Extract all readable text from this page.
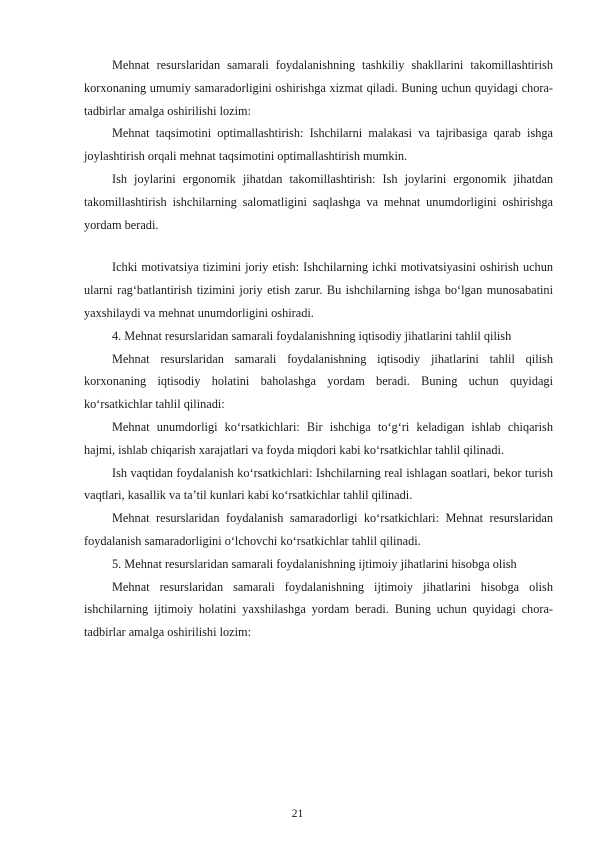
Mehnat resurslaridan samarali foydalanishning tashkiliy shakllarini takomillashtirish korxonaning umumiy samaradorligini oshirishga xizmat qiladi. Buning uchun quyidagi chora-tadbirlar amalga oshirilishi lozim:

Mehnat taqsimotini optimallashtirish: Ishchilarni malakasi va tajribasiga qarab ishga joylashtirish orqali mehnat taqsimotini optimallashtirish mumkin.

Ish joylarini ergonomik jihatdan takomillashtirish: Ish joylarini ergonomik jihatdan takomillashtirish ishchilarning salomatligini saqlashga va mehnat unumdorligini oshirishga yordam beradi.

Ichki motivatsiya tizimini joriy etish: Ishchilarning ichki motivatsiyasini oshirish uchun ularni rag‘batlantirish tizimini joriy etish zarur. Bu ishchilarning ishga bo‘lgan munosabatini yaxshilaydi va mehnat unumdorligini oshiradi.

4. Mehnat resurslaridan samarali foydalanishning iqtisodiy jihatlarini tahlil qilish

Mehnat resurslaridan samarali foydalanishning iqtisodiy jihatlarini tahlil qilish korxonaning iqtisodiy holatini baholashga yordam beradi. Buning uchun quyidagi ko‘rsatkichlar tahlil qilinadi:

Mehnat unumdorligi ko‘rsatkichlari: Bir ishchiga to‘g‘ri keladigan ishlab chiqarish hajmi, ishlab chiqarish xarajatlari va foyda miqdori kabi ko‘rsatkichlar tahlil qilinadi.

Ish vaqtidan foydalanish ko‘rsatkichlari: Ishchilarning real ishlagan soatlari, bekor turish vaqtlari, kasallik va ta’til kunlari kabi ko‘rsatkichlar tahlil qilinadi.

Mehnat resurslaridan foydalanish samaradorligi ko‘rsatkichlari: Mehnat resurslaridan foydalanish samaradorligini o‘lchovchi ko‘rsatkichlar tahlil qilinadi.

5. Mehnat resurslaridan samarali foydalanishning ijtimoiy jihatlarini hisobga olish

Mehnat resurslaridan samarali foydalanishning ijtimoiy jihatlarini hisobga olish ishchilarning ijtimoiy holatini yaxshilashga yordam beradi. Buning uchun quyidagi chora-tadbirlar amalga oshirilishi lozim:

21
